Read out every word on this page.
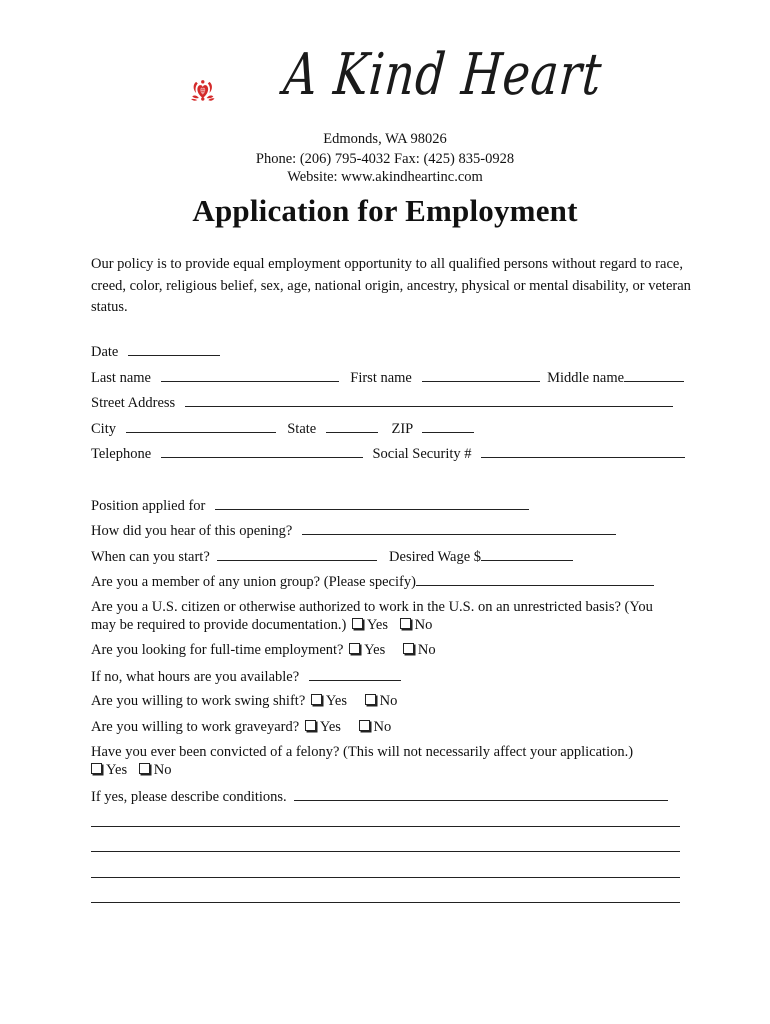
A Kind Heart
Edmonds, WA 98026
Phone: (206) 795-4032 Fax: (425) 835-0928
Website: www.akindheartinc.com
Application for Employment
Our policy is to provide equal employment opportunity to all qualified persons without regard to race, creed, color, religious belief, sex, age, national origin, ancestry, physical or mental disability, or veteran status.
Date
Last name	First name	Middle name
Street Address
City	State	ZIP
Telephone	Social Security #
Position applied for
How did you hear of this opening?
When can you start?	Desired Wage $
Are you a member of any union group? (Please specify)
Are you a U.S. citizen or otherwise authorized to work in the U.S. on an unrestricted basis? (You
may be required to provide documentation.) Yes No
Are you looking for full-time employment? Yes No
If no, what hours are you available?
Are you willing to work swing shift? Yes No
Are you willing to work graveyard? Yes No
Have you ever been convicted of a felony? (This will not necessarily affect your application.)
Yes No
If yes, please describe conditions.
